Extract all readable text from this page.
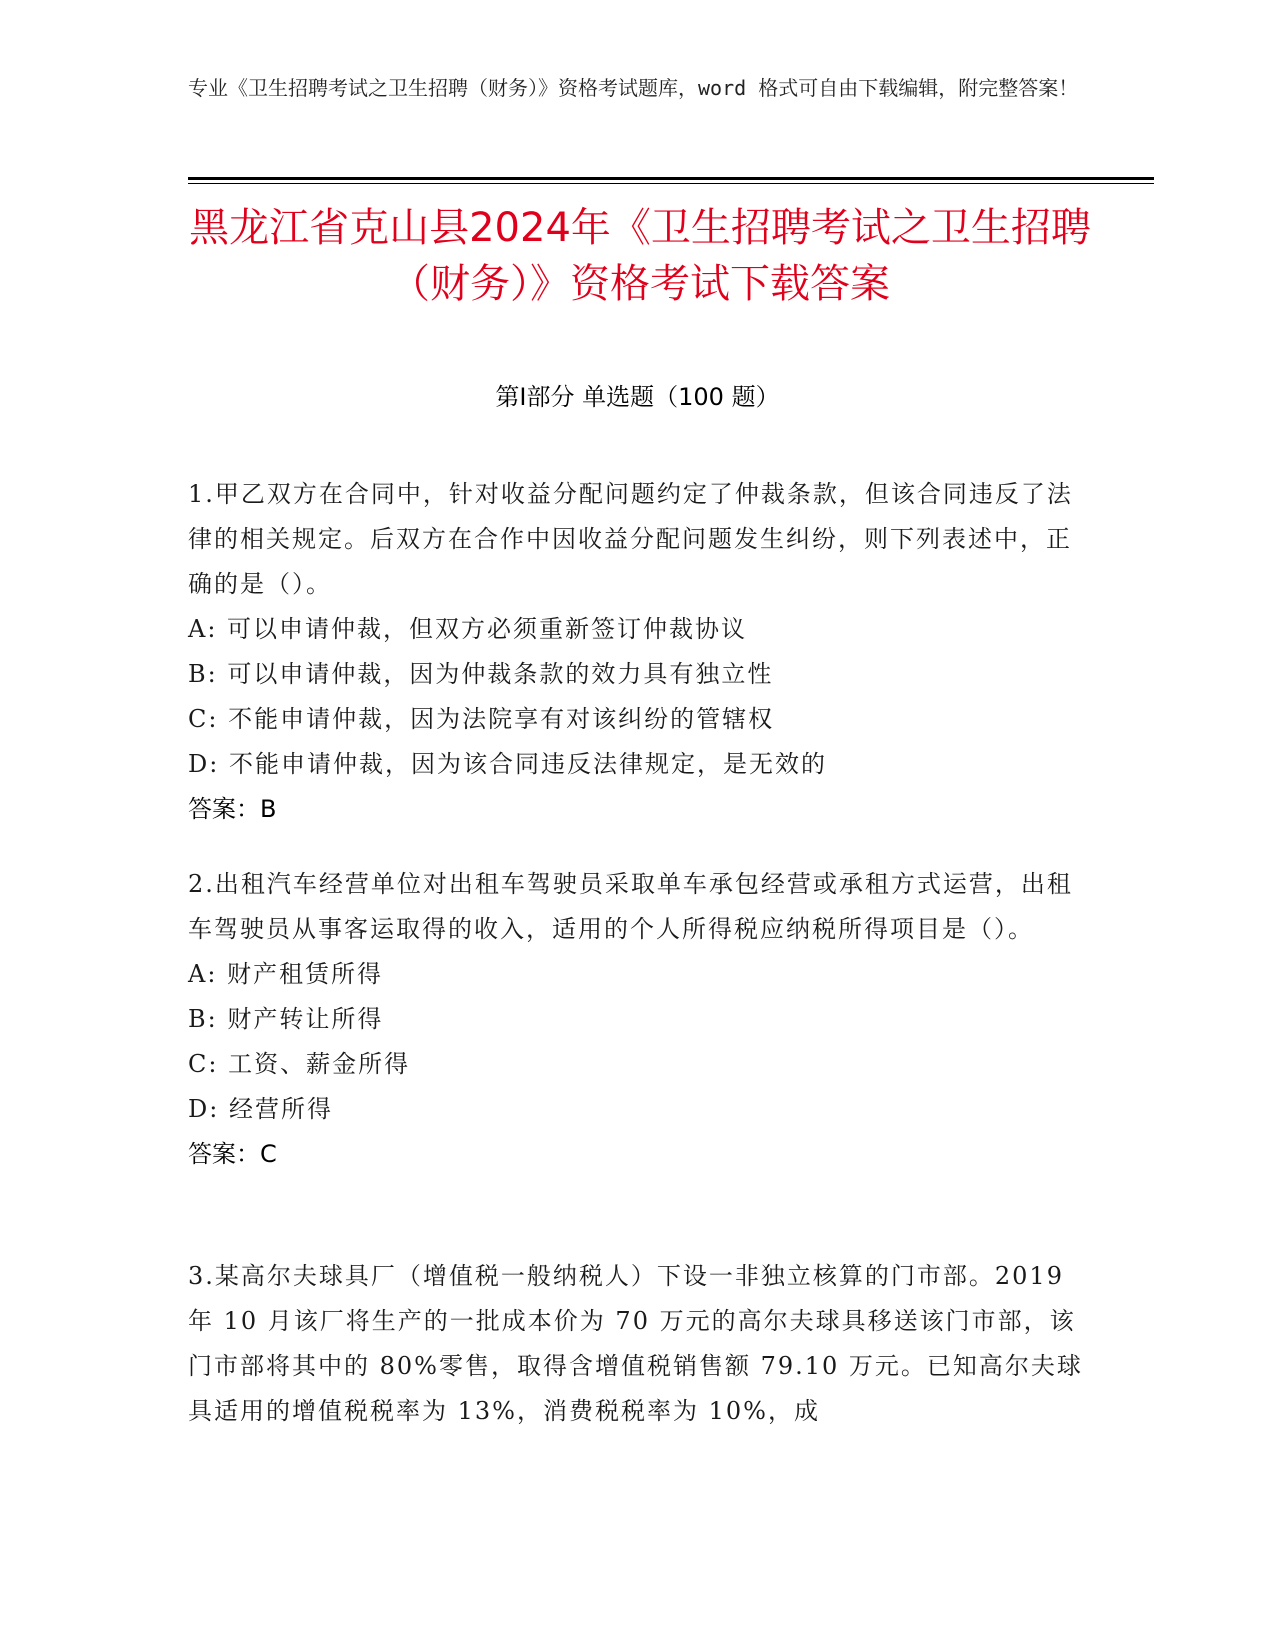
专业《卫生招聘考试之卫生招聘（财务）》资格考试题库，word 格式可自由下载编辑，附完整答案！
黑龙江省克山县2024年《卫生招聘考试之卫生招聘（财务）》资格考试下载答案
第Ⅰ部分 单选题（100 题）

1.甲乙双方在合同中，针对收益分配问题约定了仲裁条款，但该合同违反了法律的相关规定。后双方在合作中因收益分配问题发生纠纷，则下列表述中，正确的是（）。

A: 可以申请仲裁，但双方必须重新签订仲裁协议

B: 可以申请仲裁，因为仲裁条款的效力具有独立性

C: 不能申请仲裁，因为法院享有对该纠纷的管辖权

D: 不能申请仲裁，因为该合同违反法律规定，是无效的

答案：B

2.出租汽车经营单位对出租车驾驶员采取单车承包经营或承租方式运营，出租车驾驶员从事客运取得的收入，适用的个人所得税应纳税所得项目是（）。

A: 财产租赁所得

B: 财产转让所得

C: 工资、薪金所得

D: 经营所得

答案：C

3.某高尔夫球具厂（增值税一般纳税人）下设一非独立核算的门市部。2019 年 10 月该厂将生产的一批成本价为 70 万元的高尔夫球具移送该门市部，该门市部将其中的 80%零售，取得含增值税销售额 79.10 万元。已知高尔夫球具适用的增值税税率为 13%，消费税税率为 10%，成
